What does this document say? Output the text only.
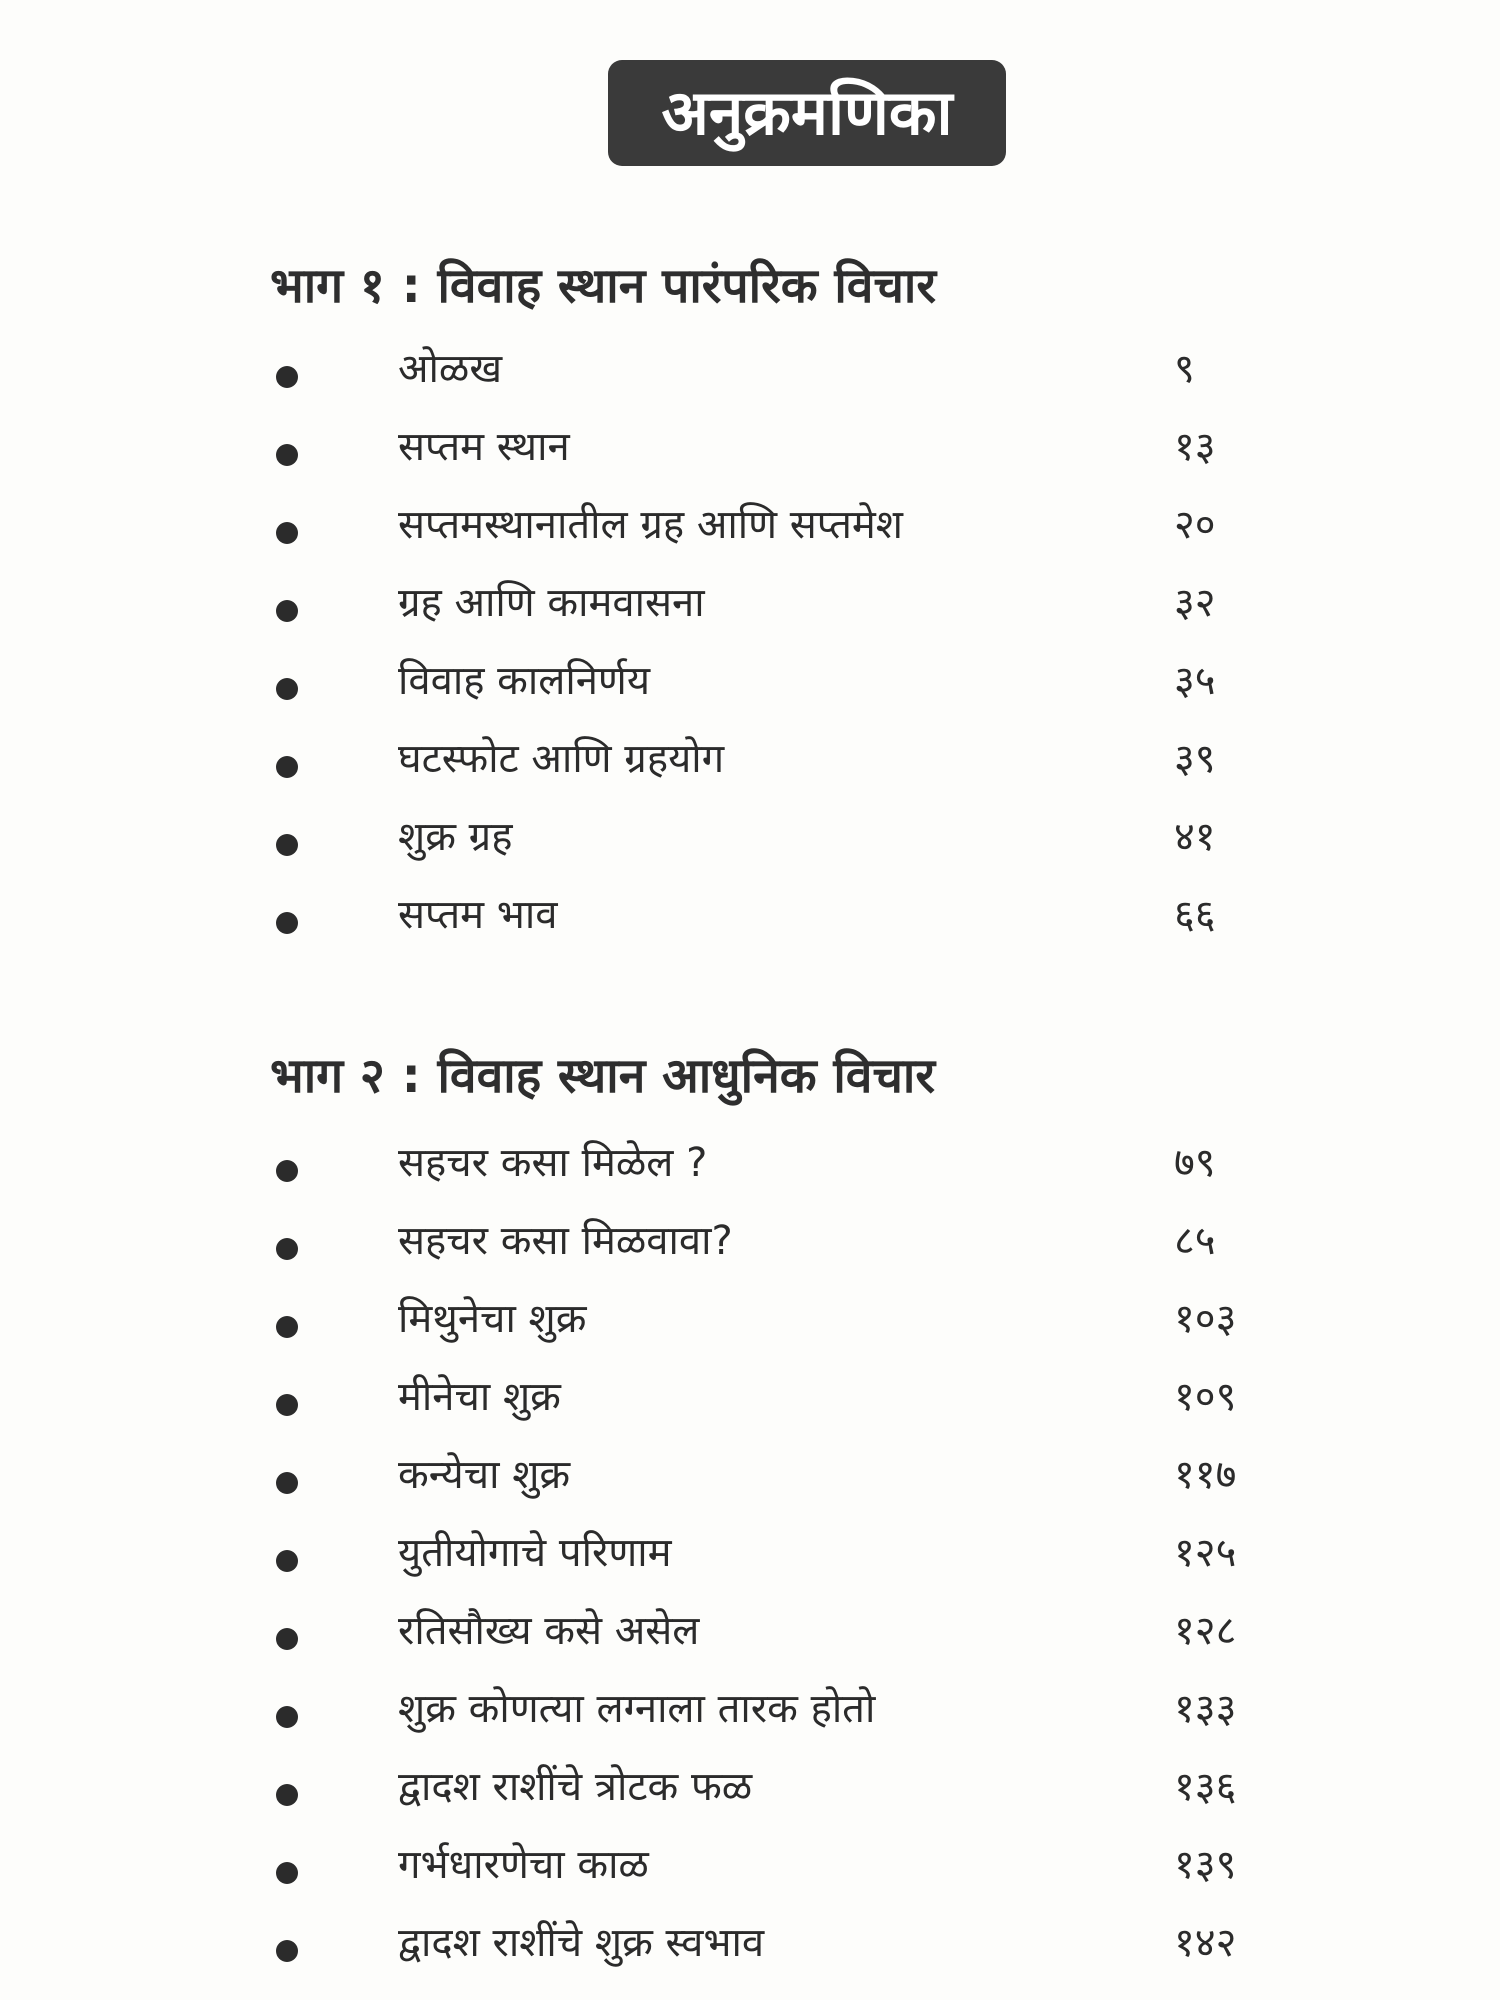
अनुक्रमणिका
भाग १ : विवाह स्थान पारंपरिक विचार
ओळख	९
सप्तम स्थान	१३
सप्तमस्थानातील ग्रह आणि सप्तमेश	२०
ग्रह आणि कामवासना	३२
विवाह कालनिर्णय	३५
घटस्फोट आणि ग्रहयोग	३९
शुक्र ग्रह	४१
सप्तम भाव	६६
भाग २ : विवाह स्थान आधुनिक विचार
सहचर कसा मिळेल ?	७९
सहचर कसा मिळवावा?	८५
मिथुनेचा शुक्र	१०३
मीनेचा शुक्र	१०९
कन्येचा शुक्र	११७
युतीयोगाचे परिणाम	१२५
रतिसौख्य कसे असेल	१२८
शुक्र कोणत्या लग्नाला तारक होतो	१३३
द्वादश राशींचे त्रोटक फळ	१३६
गर्भधारणेचा काळ	१३९
द्वादश राशींचे शुक्र स्वभाव	१४२
